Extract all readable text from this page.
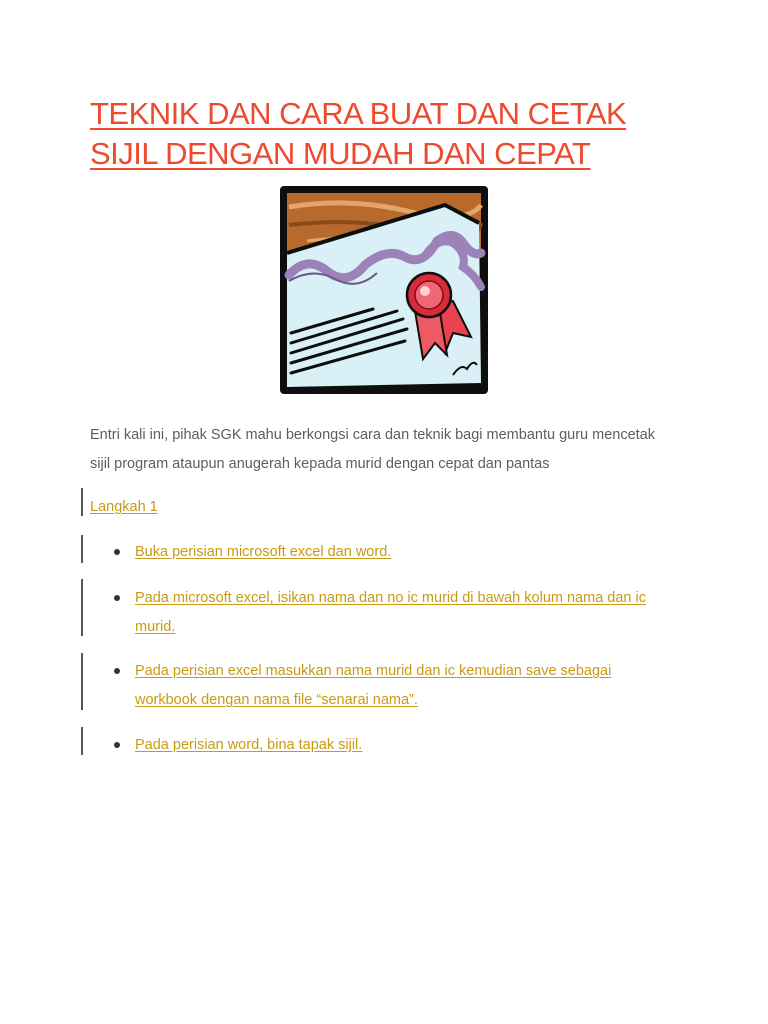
TEKNIK DAN CARA BUAT DAN CETAK
SIJIL DENGAN MUDAH DAN CEPAT
Entri kali ini, pihak SGK mahu berkongsi cara dan teknik bagi membantu guru mencetak
sijil program ataupun anugerah kepada murid dengan cepat dan pantas
Langkah 1
Buka perisian microsoft excel dan word.
Pada microsoft excel, isikan nama dan no ic murid di bawah kolum nama dan ic
murid.
Pada perisian excel masukkan nama murid dan ic kemudian save sebagai
workbook dengan nama file “senarai nama”.
Pada perisian word, bina tapak sijil.
